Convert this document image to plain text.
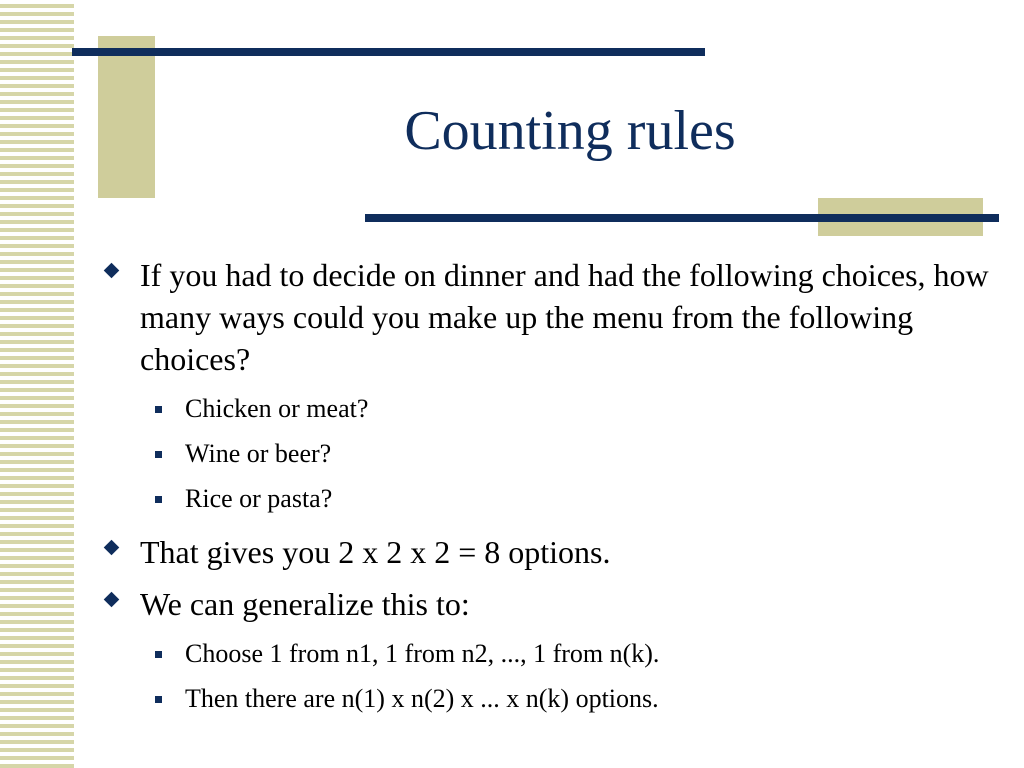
Counting rules

If you had to decide on dinner and had the following choices, how many ways could you make up the menu from the following choices?

Chicken or meat?

Wine or beer?

Rice or pasta?

That gives you 2 x 2 x 2 = 8 options.

We can generalize this to:

Choose 1 from n1, 1 from n2, ..., 1 from n(k).

Then there are n(1) x n(2) x ... x n(k) options.
